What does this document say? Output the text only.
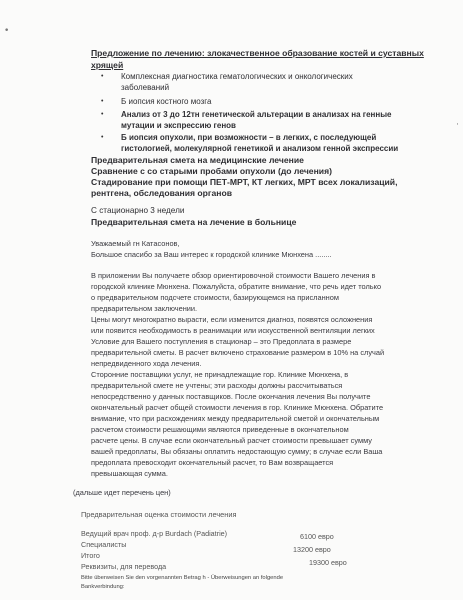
•
·
Предложение по лечению: злокачественное образование костей и суставных
хрящей
• Комплексная диагностика гематологических и онкологических
заболеваний
• Б иопсия костного мозга
• Анализ от 3 до 12тн генетической альтерации в анализах на генные
мутации и экспрессию генов
• Б иопсия опухоли, при возможности – в легких, с последующей
гистологией, молекулярной генетикой и анализом генной экспрессии
Предварительная смета на медицинские лечение
Сравнение с со старыми пробами опухоли (до лечения)
Стадирование при помощи ПЕТ-МРТ, КТ легких, МРТ всех локализаций,
рентгена, обследования органов
С стационарно 3 недели
Предварительная смета на лечение в больнице
Уважаемый гн Катасонов,
Большое спасибо за Ваш интерес к городской клинике Мюнхена ........
В приложении Вы получаете обзор ориентировочной стоимости Вашего лечения в
городской клинике Мюнхена. Пожалуйста, обратите внимание, что речь идет только
о предварительном подсчете стоимости, базирующемся на присланном
предварительном заключении.
Цены могут многократно вырасти, если изменится диагноз, появятся осложнения
или появится необходимость в реанимации или искусственной вентиляции легких
Условие для Вашего поступления в стационар – это Предоплата в размере
предварительной сметы. В расчет включено страхование размером в 10% на случай
непредвиденного хода лечения.
Сторонние поставщики услуг, не принадлежащие гор. Клинике Мюнхена, в
предварительной смете не учтены; эти расходы должны рассчитываться
непосредственно у данных поставщиков. После окончания лечения Вы получите
окончательный расчет общей стоимости лечения в гор. Клинике Мюнхена. Обратите
внимание, что при расхождениях между предварительной сметой и окончательным
расчетом стоимости решающими являются приведенные в окончательном
расчете цены. В случае если окончательный расчет стоимости превышает сумму
вашей предоплаты, Вы обязаны оплатить недостающую сумму; в случае если Ваша
предоплата превосходит окончательный расчет, то Вам возвращается
превышающая сумма.
(дальше идет перечень цен)
Предварительная оценка стоимости лечения
Ведущий врач проф. д-р Burdach (Padiatrie)	6100 евро
Специалисты
13200 евро
Итого
19300 евро
Реквизиты, для перевода
Bitte überweisen Sie den vorgenannten Betrag h - Überweisungen an folgende
Bankverbindung:
